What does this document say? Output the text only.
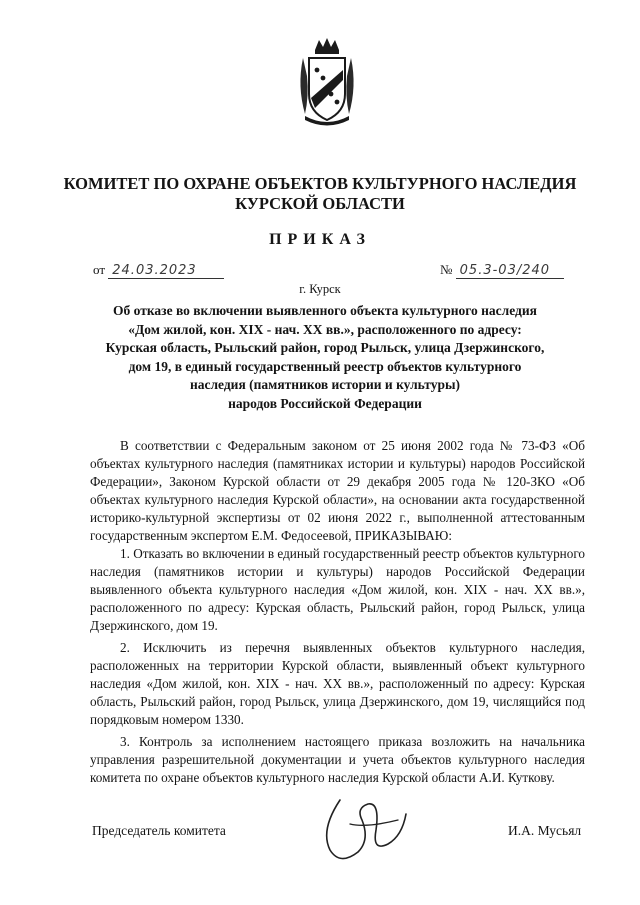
КОМИТЕТ ПО ОХРАНЕ ОБЪЕКТОВ КУЛЬТУРНОГО НАСЛЕДИЯ
КУРСКОЙ ОБЛАСТИ
ПРИКАЗ
от 24.03.2023	№ 05.3-03/240
г. Курск
Об отказе во включении выявленного объекта культурного наследия
«Дом жилой, кон. XIX - нач. XX вв.», расположенного по адресу:
Курская область, Рыльский район, город Рыльск, улица Дзержинского,
дом 19, в единый государственный реестр объектов культурного
наследия (памятников истории и культуры)
народов Российской Федерации

В соответствии с Федеральным законом от 25 июня 2002 года № 73-ФЗ «Об объектах культурного наследия (памятниках истории и культуры) народов Российской Федерации», Законом Курской области от 29 декабря 2005 года № 120-ЗКО «Об объектах культурного наследия Курской области», на основании акта государственной историко-культурной экспертизы от 02 июня 2022 г., выполненной аттестованным государственным экспертом Е.М. Федосеевой, ПРИКАЗЫВАЮ:

1. Отказать во включении в единый государственный реестр объектов культурного наследия (памятников истории и культуры) народов Российской Федерации выявленного объекта культурного наследия «Дом жилой, кон. XIX - нач. XX вв.», расположенного по адресу: Курская область, Рыльский район, город Рыльск, улица Дзержинского, дом 19.

2. Исключить из перечня выявленных объектов культурного наследия, расположенных на территории Курской области, выявленный объект культурного наследия «Дом жилой, кон. XIX - нач. XX вв.», расположенный по адресу: Курская область, Рыльский район, город Рыльск, улица Дзержинского, дом 19, числящийся под порядковым номером 1330.

3. Контроль за исполнением настоящего приказа возложить на начальника управления разрешительной документации и учета объектов культурного наследия комитета по охране объектов культурного наследия Курской области А.И. Куткову.

Председатель комитета	И.А. Мусьял
